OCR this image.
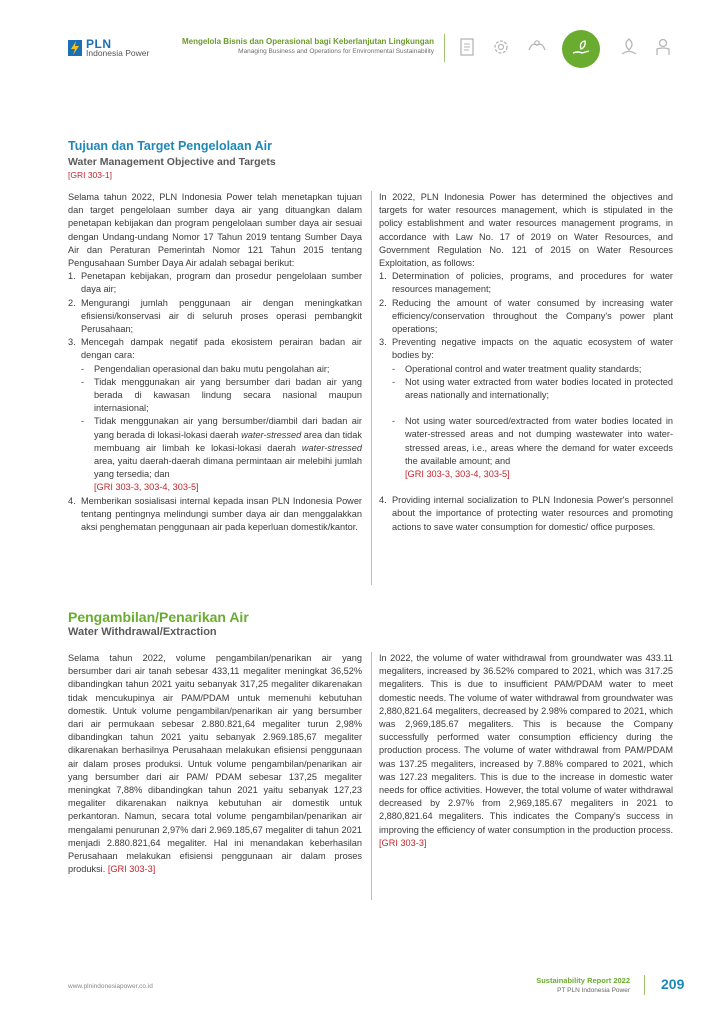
PLN
Indonesia Power
Mengelola Bisnis dan Operasional bagi Keberlanjutan Lingkungan
Managing Business and Operations for Environmental Sustainability
Tujuan dan Target Pengelolaan Air
Water Management Objective and Targets
[GRI 303-1]

Selama tahun 2022, PLN Indonesia Power telah menetapkan tujuan dan target pengelolaan sumber daya air yang dituangkan dalam penetapan kebijakan dan program pengelolaan sumber daya air sesuai dengan Undang-undang Nomor 17 Tahun 2019 tentang Sumber Daya Air dan Peraturan Pemerintah Nomor 121 Tahun 2015 tentang Pengusahaan Sumber Daya Air adalah sebagai berikut:

1. Penetapan kebijakan, program dan prosedur pengelolaan sumber daya air;
2. Mengurangi jumlah penggunaan air dengan meningkatkan efisiensi/konservasi air di seluruh proses operasi pembangkit Perusahaan;
3. Mencegah dampak negatif pada ekosistem perairan badan air dengan cara:
- Pengendalian operasional dan baku mutu pengolahan air;
- Tidak menggunakan air yang bersumber dari badan air yang berada di kawasan lindung secara nasional maupun internasional;
- Tidak menggunakan air yang bersumber/diambil dari badan air yang berada di lokasi-lokasi daerah water-stressed area dan tidak membuang air limbah ke lokasi-lokasi daerah water-stressed area, yaitu daerah-daerah dimana permintaan air melebihi jumlah yang tersedia; dan
[GRI 303-3, 303-4, 303-5]
4. Memberikan sosialisasi internal kepada insan PLN Indonesia Power tentang pentingnya melindungi sumber daya air dan menggalakkan aksi penghematan penggunaan air pada keperluan domestik/kantor.

In 2022, PLN Indonesia Power has determined the objectives and targets for water resources management, which is stipulated in the policy establishment and water resources management programs, in accordance with Law No. 17 of 2019 on Water Resources, and Government Regulation No. 121 of 2015 on Water Resources Exploitation, as follows:

1. Determination of policies, programs, and procedures for water resources management;
2. Reducing the amount of water consumed by increasing water efficiency/conservation throughout the Company's power plant operations;
3. Preventing negative impacts on the aquatic ecosystem of water bodies by:
- Operational control and water treatment quality standards;
- Not using water extracted from water bodies located in protected areas nationally and internationally;
- Not using water sourced/extracted from water bodies located in water-stressed areas and not dumping wastewater into water-stressed areas, i.e., areas where the demand for water exceeds the available amount; and
[GRI 303-3, 303-4, 303-5]
4. Providing internal socialization to PLN Indonesia Power's personnel about the importance of protecting water resources and promoting actions to save water consumption for domestic/ office purposes.
Pengambilan/Penarikan Air
Water Withdrawal/Extraction

Selama tahun 2022, volume pengambilan/penarikan air yang bersumber dari air tanah sebesar 433,11 megaliter meningkat 36,52% dibandingkan tahun 2021 yaitu sebanyak 317,25 megaliter dikarenakan tidak mencukupinya air PAM/PDAM untuk memenuhi kebutuhan domestik. Untuk volume pengambilan/penarikan air yang bersumber dari air permukaan sebesar 2.880.821,64 megaliter turun 2,98% dibandingkan tahun 2021 yaitu sebanyak 2.969.185,67 megaliter dikarenakan berhasilnya Perusahaan melakukan efisiensi penggunaan air dalam proses produksi. Untuk volume pengambilan/penarikan air yang bersumber dari air PAM/ PDAM sebesar 137,25 megaliter meningkat 7,88% dibandingkan tahun 2021 yaitu sebanyak 127,23 megaliter dikarenakan naiknya kebutuhan air domestik untuk perkantoran. Namun, secara total volume pengambilan/penarikan air mengalami penurunan 2,97% dari 2.969.185,67 megaliter di tahun 2021 menjadi 2.880.821,64 megaliter. Hal ini menandakan keberhasilan Perusahaan melakukan efisiensi penggunaan air dalam proses produksi. [GRI 303-3]

In 2022, the volume of water withdrawal from groundwater was 433.11 megaliters, increased by 36.52% compared to 2021, which was 317.25 megaliters. This is due to insufficient PAM/PDAM water to meet domestic needs. The volume of water withdrawal from groundwater was 2,880,821.64 megaliters, decreased by 2.98% compared to 2021, which was 2,969,185.67 megaliters. This is because the Company successfully performed water consumption efficiency during the production process. The volume of water withdrawal from PAM/PDAM was 137.25 megaliters, increased by 7.88% compared to 2021, which was 127.23 megaliters. This is due to the increase in domestic water needs for office activities. However, the total volume of water withdrawal decreased by 2.97% from 2,969,185.67 megaliters in 2021 to 2,880,821.64 megaliters. This indicates the Company's success in improving the efficiency of water consumption in the production process. [GRI 303-3]

www.plnindonesiapower.co.id
Sustainability Report 2022
PT PLN Indonesia Power 209
